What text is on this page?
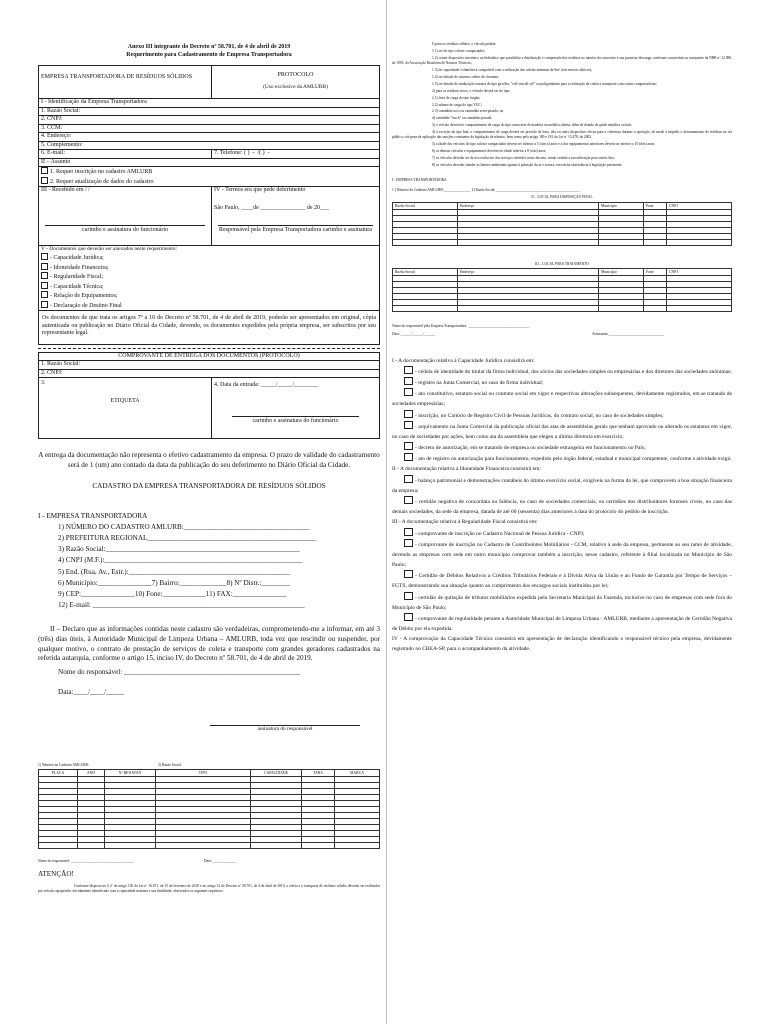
Anexo III integrante do Decreto nº 58.701, de 4 de abril de 2019
Requerimento para Cadastramento de Empresa Transportadora
EMPRESA TRANSPORTADORA DE RESÍDUOS SÓLIDOS	PROTOCOLO
(Uso exclusivo da AMLURB)
I - Identificação da Empresa Transportadora
1. Razão Social:
2. CNPJ:
3. CCM:
4. Endereço:
5. Complemento:
6. E-mail:	7. Telefone: ( )  -  /( )  -
II – Assunto
1. Requer inscrição no cadastro AMLURB
2. Requer atualização de dados do cadastro
III - Recebido em / /
carimbo e assinatura do funcionário
IV - Termos era que pede deferimento
São Paulo, ____de _______________ de 20___
Responsável pela Empresa Transportadora carimbo e assinatura
V - Documentos que deverão ser anexados neste requerimento:
- Capacidade Jurídica;
- Idoneidade Financeira;
- Regularidade Fiscal;
- Capacidade Técnica;
- Relação de Equipamentos;
- Declaração de Destino Final
Os documentos de que trata os artigos 7º a 10 do Decreto nº 58.701, de 4 de abril de 2019, poderão ser apresentados em original, cópia autenticada ou publicação no Diário Oficial da Cidade, devendo, os documentos expedidos pela própria empresa, ser subscritos por seu representante legal.
COMPROVANTE DE ENTREGA DOS DOCUMENTOS (PROTOCOLO)
1. Razão Social:
2. CNPJ:
3.
ETIQUETA
4. Data da entrada: _____/_____/________
carimbo e assinatura do funcionário
A entrega da documentação não representa o efetivo cadastramento da empresa. O prazo de validade do cadastramento será de 1 (um) ano contado da data da publicação do seu deferimento no Diário Oficial da Cidade.
CADASTRO DA EMPRESA TRANSPORTADORA DE RESÍDUOS SÓLIDOS
I - EMPRESA TRANSPORTADORA
1) NÚMERO DO CADASTRO AMLURB:___________________________________
2) PREFEITURA REGIONAL_______________________________________________
3) Razão Social:______________________________________________________
4) CNPJ (M.F.):_______________________________________________________
5) End. (Rua, Av., Estr.):_____________________________________________
6) Município:_______________7) Bairro:_____________8) Nº Distr.:________
9) CEP:_______________10) Fone:____________11) FAX:_______________
12) E-mail: ___________________________________________________________
II – Declaro que as informações contidas neste cadastro são verdadeiras, comprometendo-me a informar, em até 3 (três) dias úteis, à Autoridade Municipal de Limpeza Urbana – AMLURB, toda vez que rescindir ou suspender, por qualquer motivo, o contrato de prestação de serviços de coleta e transporte com grandes geradores cadastrados na referida autarquia, conforme o artigo 15, inciso IV, do Decreto nº 58.701, de 4 de abril de 2019.
Nome do responsável: _________________________________________________
Data:____/____/_____
assinatura do responsável
1) Número no Cadastro AMLURB:	2) Razão Social:
PLACA	ANO	Nº RENAVAN	TIPO	CAPACIDADE	TARA	MARCA

Nome do responsável: ___________________________________	Data: _____________
ATENÇÃO!
Conforme disposto no § 2º do artigo 130 da Lei nº 16.871, de 15 de fevereiro de 2018 e no artigo 12 do Decreto nº 58.701, de 4 de abril de 2019, a coleta e o transporte de resíduos sólidos deverão ser realizados por veículo apropriado, devidamente identificado com a capacidade máxima e sua finalidade, observados os seguintes requisitos:

I) para os resíduos sólidos, o veículo poderá:

1.1) ser do tipo coletor compactador;

1.2) conter dispositivo mecânico ou hidráulico que possibilite a distribuição e compressão dos resíduos no interior da carroceria e sua posterior descarga, conforme características constantes da NBR nº 12.980, de 1993, da Associação Brasileira de Normas Técnicas;

1.3) ter capacidade volumétrica compatível com a realização das coletas mínimas de 6m³ (seis metros cúbicos);

1.4) ser dotado de sistema coletor de chorume;

1.5) ser dotado de sinalização traseira de tipo giroflex, "rolf-on/roll-off" ou poliguindaste para a realização da coleta e transporte com caixas compactadoras;

2) para os resíduos secos, o veículo deverá ser do tipo:

2.1) livre de carga do tipo furgão;

2.2) urbano de carga do tipo VUC;

2.3) caminhão toco ou caminhão semi-pesado; ou

d) caminhão "truck" ou caminhão pesado;

3) o veículo deverá ter compartimento de carga do tipo carroceria de madeira ou metálica aberta, além de dotado de grade metálica ou baú;

4) à exceção do tipo baú, o compartimento de carga deverá ser provido de lona, tela ou outro dispositivo eficaz para a cobertura durante a operação, de modo a impedir o derramamento de resíduos na via pública, sob pena de aplicação das sanções constantes da legislação de trânsito, bem como pelo artigo 180 e 181 da Lei nº 13.478, de 2002.

5) a idade dos veículos do tipo coletor compactador deverá ser inferior a 5 (cinco) anos e a dos equipamentos anteriores deverá ser inferior a 10 (dez) anos;

6) os demais veículos e equipamentos deverão ter idade inferior a 8 (oito) anos;

7) os veículos deverão ser de uso exclusivo dos serviços referidos neste decreto, sendo vedada a sua utilização para outros fins;

8) os veículos deverão atender as limites ambientais quanto à poluição do ar e sonora, em estrita observância à legislação pertinente.

I - EMPRESA TRANSPORTADORA
1.) Número do Cadastro AMLURB:_______________ 2) Razão Social:_______________________________________________
II – LOCAL PARA DISPOSIÇÃO FINAL
Razão Social	Endereço	Município	Fone	CNPJ

III – LOCAL PARA TRATAMENTO
Razão Social	Endereço	Município	Fone	CNPJ

Nome do responsável pela Empresa Transportadora: __________________________________
Data: ______/______/______	Assinatura:_______________________________

I - A documentação relativa à Capacidade Jurídica consistirá em:

- cédula de identidade do titular da firma individual, dos sócios das sociedades simples ou empresárias e dos diretores das sociedades anônimas;

- registro na Junta Comercial, no caso de firma individual;

- ato constitutivo, estatuto social ou contrato social em vigor e respectivas alterações subsequentes, devidamente registrados, em se tratando de sociedades empresárias;

- inscrição, no Cartório de Registro Civil de Pessoas Jurídicas, do contrato social, no caso de sociedades simples;

- arquivamento na Junta Comercial da publicação oficial das atas de assembleias gerais que tenham aprovado ou alterado os estatutos em vigor, no caso de sociedades por ações, bem como ata da assembleia que elegeu a última diretoria em exercício;

- decreto de autorização, em se tratando de empresa ou sociedade estrangeira em funcionamento no País;

- ato de registro ou autorização para funcionamento, expedido pelo órgão federal, estadual e municipal competente, conforme a atividade exigir.

II - A documentação relativa à Idoneidade Financeira consistirá em:

- balanço patrimonial e demonstrações contábeis do último exercício social, exigíveis na forma da lei, que comprovem a boa situação financeira da empresa;

- certidão negativa de concordata ou falência, no caso de sociedades comerciais; ou certidões dos distribuidores forenses cíveis, no caso das demais sociedades, da sede da empresa, datada de até 60 (sessenta) dias anteriores à data do protocolo do pedido de inscrição.

III - A documentação relativa à Regularidade Fiscal consistirá em:

- comprovante de inscrição no Cadastro Nacional de Pessoa Jurídica - CNPJ;

- comprovante de inscrição no Cadastro de Contribuintes Mobiliários - CCM, relativo à sede da empresa, pertinente ao seu ramo de atividade, devendo as empresas com sede em outro município comprovar também a inscrição, nesse cadastro, referente à filial localizada no Município de São Paulo;

- Certidão de Débitos Relativos a Créditos Tributários Federais e à Dívida Ativa da União e ao Fundo de Garantia por Tempo de Serviços – FGTS, demonstrando sua situação quanto ao cumprimento dos encargos sociais instituídos por lei;

- certidão de quitação de tributos mobiliários expedida pela Secretaria Municipal da Fazenda, inclusive no caso de empresas com sede fora do Município de São Paulo;

- comprovante de regularidade perante a Autoridade Municipal de Limpeza Urbana - AMLURB, mediante a apresentação de Certidão Negativa de Débito por ela expedida.

IV - A comprovação da Capacidade Técnica consistirá em apresentação de declaração identificando o responsável técnico pela empresa, devidamente registrado no CREA-SP, para o acompanhamento da atividade.
